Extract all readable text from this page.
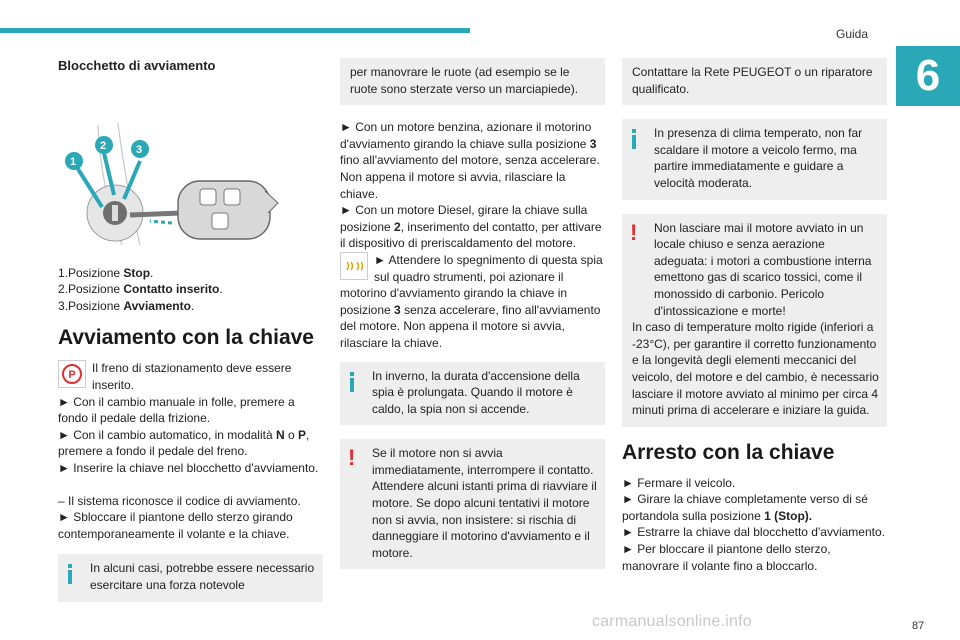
Guida
6
Blocchetto di avviamento
1
2	3

1.Posizione Stop.

2.Posizione Contatto inserito.

3.Posizione Avviamento.

Avviamento con la chiave
P	Il freno di stazionamento deve essere inserito.

► Con il cambio manuale in folle, premere a fondo il pedale della frizione.

► Con il cambio automatico, in modalità N o P, premere a fondo il pedale del freno.

► Inserire la chiave nel blocchetto d'avviamento.

– Il sistema riconosce il codice di avviamento.

► Sbloccare il piantone dello sterzo girando contemporaneamente il volante e la chiave.

In alcuni casi, potrebbe essere necessario esercitare una forza notevole

per manovrare le ruote (ad esempio se le ruote sono sterzate verso un marciapiede).

► Con un motore benzina, azionare il motorino d'avviamento girando la chiave sulla posizione 3 fino all'avviamento del motore, senza accelerare. Non appena il motore si avvia, rilasciare la chiave.

► Con un motore Diesel, girare la chiave sulla posizione 2, inserimento del contatto, per attivare il dispositivo di preriscaldamento del motore.

► Attendere lo spegnimento di questa spia sul quadro strumenti, poi azionare il motorino d'avviamento girando la chiave in posizione 3 senza accelerare, fino all'avviamento del motore. Non appena il motore si avvia, rilasciare la chiave.

In inverno, la durata d'accensione della spia è prolungata. Quando il motore è caldo, la spia non si accende.

!	Se il motore non si avvia immediatamente, interrompere il contatto. Attendere alcuni istanti prima di riavviare il motore. Se dopo alcuni tentativi il motore non si avvia, non insistere: si rischia di danneggiare il motorino d'avviamento e il motore.

Contattare la Rete PEUGEOT o un riparatore qualificato.

In presenza di clima temperato, non far scaldare il motore a veicolo fermo, ma partire immediatamente e guidare a velocità moderata.

!	Non lasciare mai il motore avviato in un locale chiuso e senza aerazione adeguata: i motori a combustione interna emettono gas di scarico tossici, come il monossido di carbonio. Pericolo d'intossicazione e morte!

In caso di temperature molto rigide (inferiori a -23°C), per garantire il corretto funzionamento e la longevità degli elementi meccanici del veicolo, del motore e del cambio, è necessario lasciare il motore avviato al minimo per circa 4 minuti prima di accelerare e iniziare la guida.

Arresto con la chiave

► Fermare il veicolo.

► Girare la chiave completamente verso di sé portandola sulla posizione 1 (Stop).

► Estrarre la chiave dal blocchetto d'avviamento.

► Per bloccare il piantone dello sterzo, manovrare il volante fino a bloccarlo.

carmanualsonline.info	87
